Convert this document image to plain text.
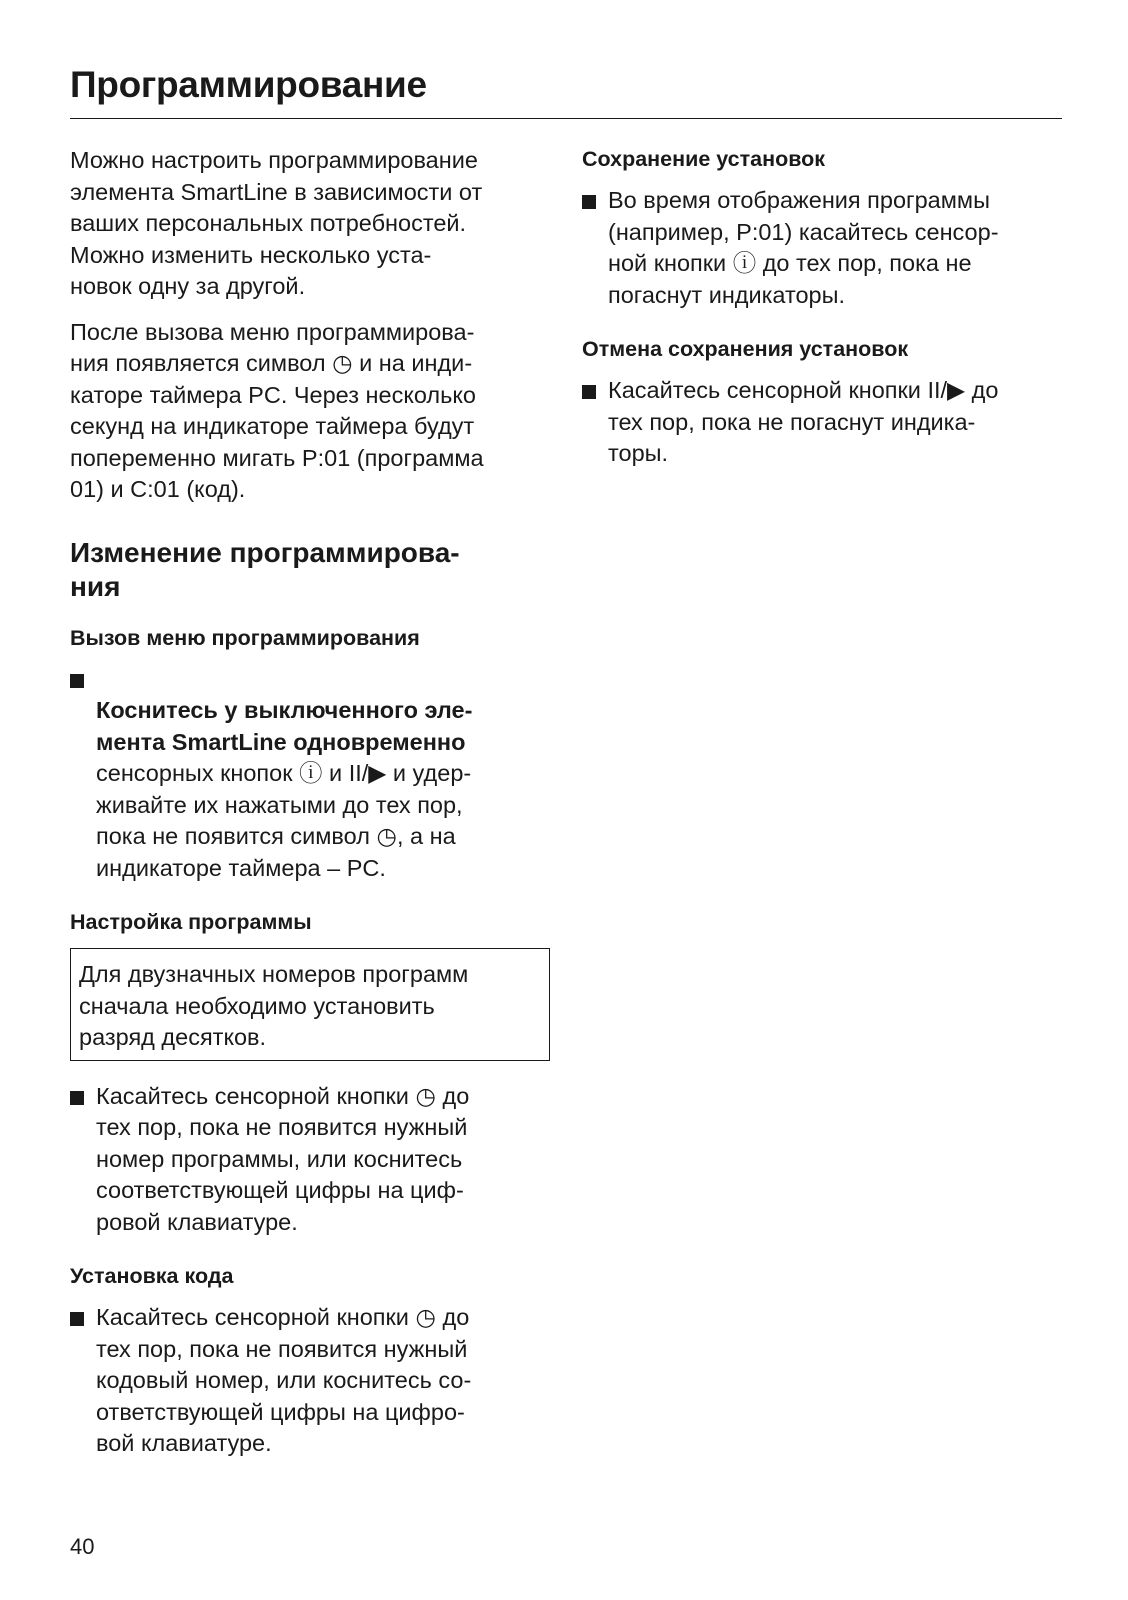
Программирование

Можно настроить программирование
элемента SmartLine в зависимости от
ваших персональных потребностей.
Можно изменить несколько уста-
новок одну за другой.

После вызова меню программирова-
ния появляется символ ◷ и на инди-
каторе таймера PC. Через несколько
секунд на индикаторе таймера будут
попеременно мигать P:01 (программа
01) и C:01 (код).

Изменение программирова-
ния
Вызов меню программирования

Коснитесь у выключенного эле-
мента SmartLine одновременно
сенсорных кнопок ⓘ и II/▶ и удер-
живайте их нажатыми до тех пор,
пока не появится символ ◷, а на
индикаторе таймера – PC.

Настройка программы
Для двузначных номеров программ
сначала необходимо установить
разряд десятков.
Касайтесь сенсорной кнопки ◷ до
тех пор, пока не появится нужный
номер программы, или коснитесь
соответствующей цифры на циф-
ровой клавиатуре.
Установка кода
Касайтесь сенсорной кнопки ◷ до
тех пор, пока не появится нужный
кодовый номер, или коснитесь со-
ответствующей цифры на цифро-
вой клавиатуре.
Сохранение установок
Во время отображения программы
(например, P:01) касайтесь сенсор-
ной кнопки ⓘ до тех пор, пока не
погаснут индикаторы.
Отмена сохранения установок
Касайтесь сенсорной кнопки II/▶ до
тех пор, пока не погаснут индика-
торы.
40
